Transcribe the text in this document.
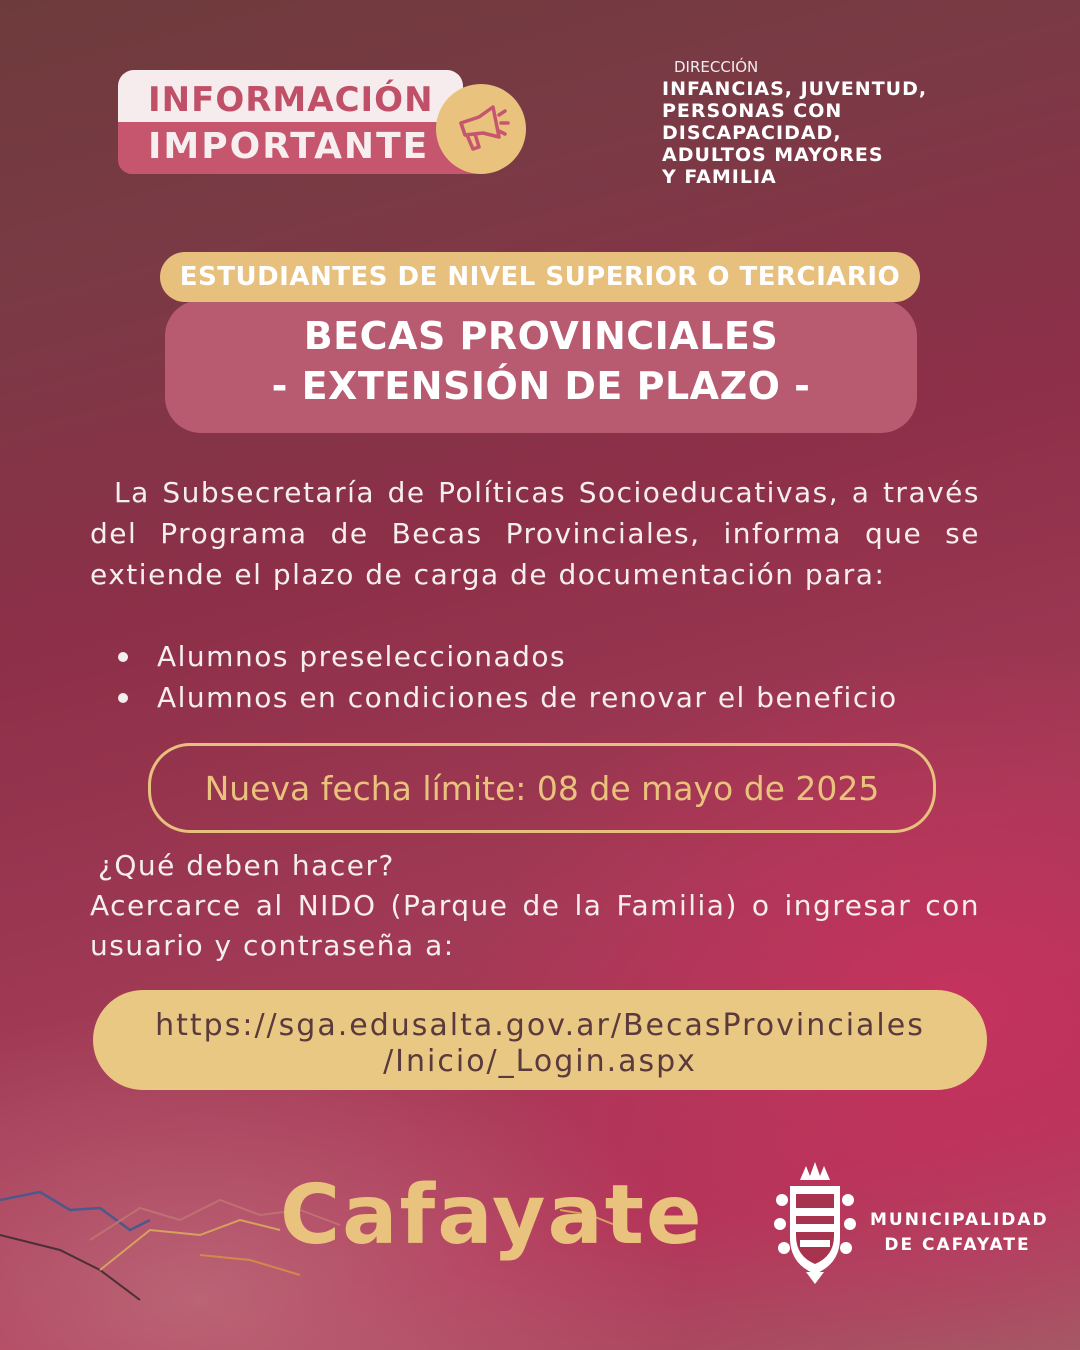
INFORMACIÓN
IMPORTANTE
DIRECCIÓN
INFANCIAS, JUVENTUD,
PERSONAS CON
DISCAPACIDAD,
ADULTOS MAYORES
Y FAMILIA
ESTUDIANTES DE NIVEL SUPERIOR O TERCIARIO
BECAS PROVINCIALES
- EXTENSIÓN DE PLAZO -
La Subsecretaría de Políticas Socioeducativas, a través del Programa de Becas Provinciales, informa que se extiende el plazo de carga de documentación para:
Alumnos preseleccionados
Alumnos en condiciones de renovar el beneficio
Nueva fecha límite: 08 de mayo de 2025
¿Qué deben hacer?
Acercarce al NIDO (Parque de la Familia) o ingresar con usuario y contraseña a:
https://sga.edusalta.gov.ar/BecasProvinciales
/Inicio/_Login.aspx
Cafayate	MUNICIPALIDAD
DE CAFAYATE
